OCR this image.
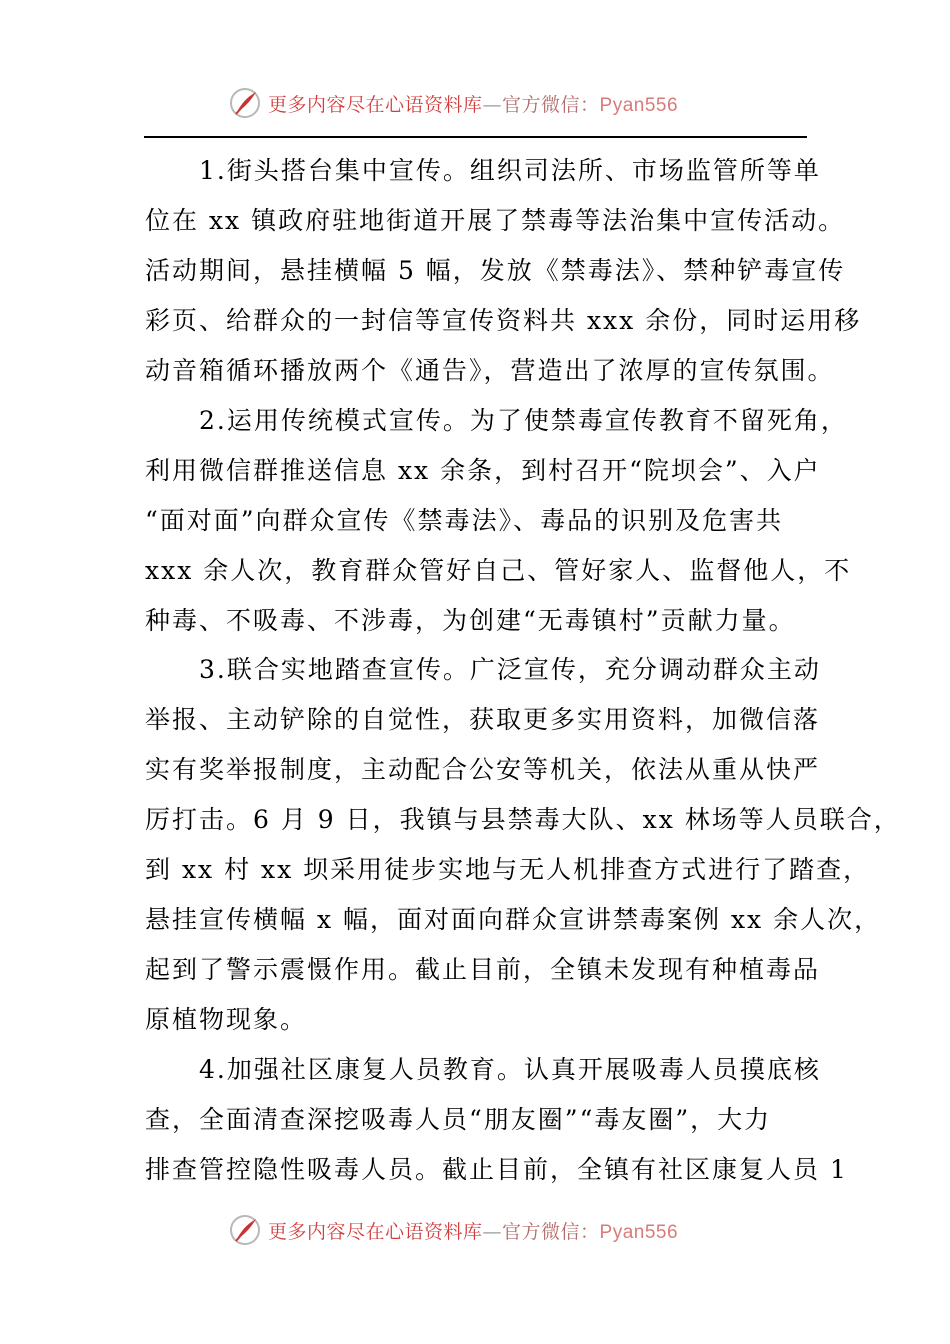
更多内容尽在心语资料库—官方微信：Pyan556
　　1.街头搭台集中宣传。组织司法所、市场监管所等单
位在 xx 镇政府驻地街道开展了禁毒等法治集中宣传活动。
活动期间，悬挂横幅 5 幅，发放《禁毒法》、禁种铲毒宣传
彩页、给群众的一封信等宣传资料共 xxx 余份，同时运用移
动音箱循环播放两个《通告》，营造出了浓厚的宣传氛围。
　　2.运用传统模式宣传。为了使禁毒宣传教育不留死角，
利用微信群推送信息 xx 余条，到村召开“院坝会”、入户
“面对面”向群众宣传《禁毒法》、毒品的识别及危害共
xxx 余人次，教育群众管好自己、管好家人、监督他人，不
种毒、不吸毒、不涉毒，为创建“无毒镇村”贡献力量。
　　3.联合实地踏查宣传。广泛宣传，充分调动群众主动
举报、主动铲除的自觉性，获取更多实用资料，加微信落
实有奖举报制度，主动配合公安等机关，依法从重从快严
厉打击。6 月 9 日，我镇与县禁毒大队、xx 林场等人员联合，
到 xx 村 xx 坝采用徒步实地与无人机排查方式进行了踏查，
悬挂宣传横幅 x 幅，面对面向群众宣讲禁毒案例 xx 余人次，
起到了警示震慑作用。截止目前，全镇未发现有种植毒品
原植物现象。
　　4.加强社区康复人员教育。认真开展吸毒人员摸底核
查，全面清查深挖吸毒人员“朋友圈”“毒友圈”，大力
排查管控隐性吸毒人员。截止目前，全镇有社区康复人员 1
更多内容尽在心语资料库—官方微信：Pyan556
